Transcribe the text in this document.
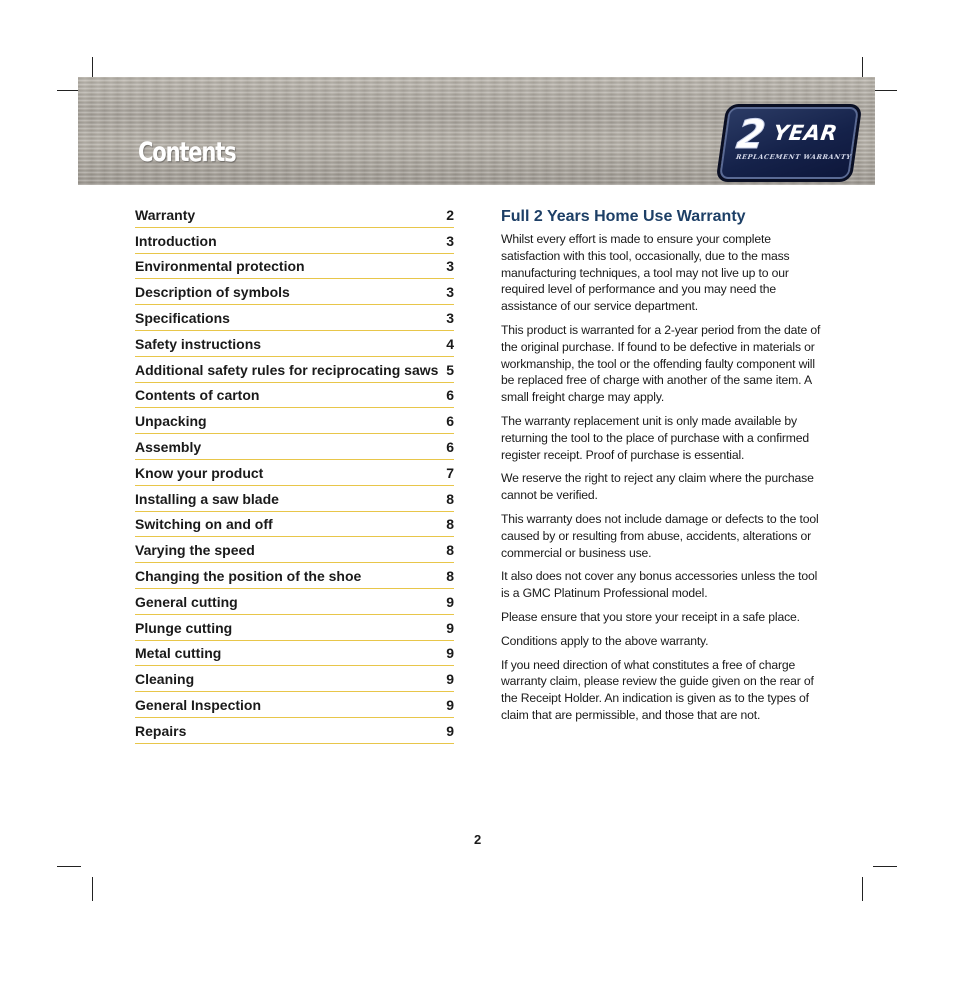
Contents	2 YEAR
REPLACEMENT WARRANTY
Warranty	2
Introduction	3
Environmental protection	3
Description of symbols	3
Specifications	3
Safety instructions	4
Additional safety rules for reciprocating saws 5
Contents of carton	6
Unpacking	6
Assembly	6
Know your product	7
Installing a saw blade	8
Switching on and off	8
Varying the speed	8
Changing the position of the shoe	8
General cutting	9
Plunge cutting	9
Metal cutting	9
Cleaning	9
General Inspection	9
Repairs	9
Full 2 Years Home Use Warranty

Whilst every effort is made to ensure your complete satisfaction with this tool, occasionally, due to the mass manufacturing techniques, a tool may not live up to our required level of performance and you may need the assistance of our service department.

This product is warranted for a 2-year period from the date of the original purchase. If found to be defective in materials or workmanship, the tool or the offending faulty component will be replaced free of charge with another of the same item. A small freight charge may apply.

The warranty replacement unit is only made available by returning the tool to the place of purchase with a confirmed register receipt. Proof of purchase is essential.

We reserve the right to reject any claim where the purchase cannot be verified.

This warranty does not include damage or defects to the tool caused by or resulting from abuse, accidents, alterations or commercial or business use.

It also does not cover any bonus accessories unless the tool is a GMC Platinum Professional model.

Please ensure that you store your receipt in a safe place.

Conditions apply to the above warranty.

If you need direction of what constitutes a free of charge warranty claim, please review the guide given on the rear of the Receipt Holder. An indication is given as to the types of claim that are permissible, and those that are not.

2
